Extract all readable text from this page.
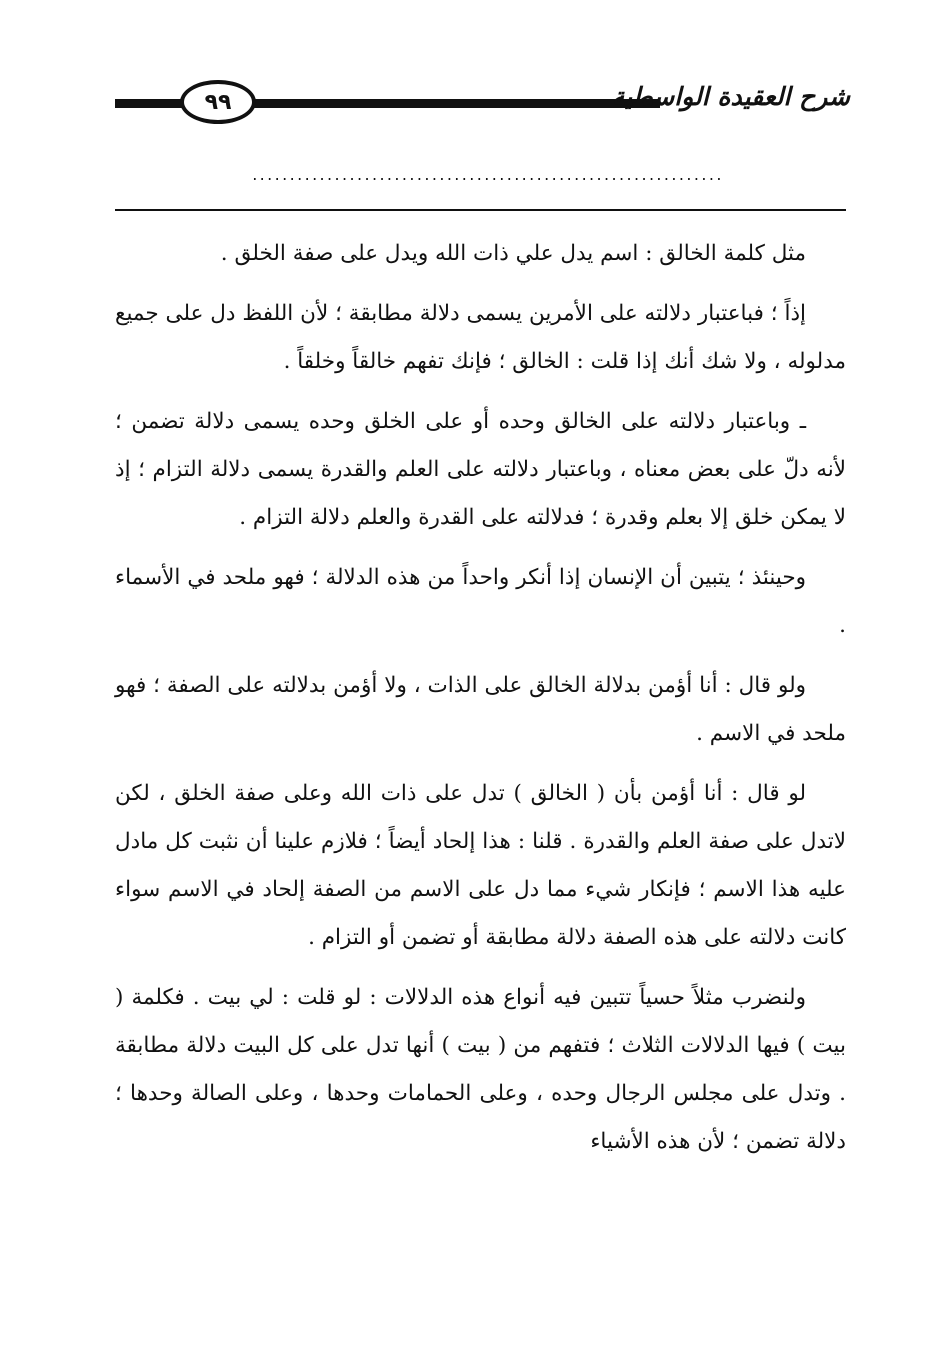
٩٩	شرح العقيدة الواسطية
...............................................................

مثل كلمة الخالق : اسم يدل علي ذات الله ويدل على صفة الخلق .

إذاً ؛ فباعتبار دلالته على الأمرين يسمى دلالة مطابقة ؛ لأن اللفظ دل على جميع مدلوله ، ولا شك أنك إذا قلت : الخالق ؛ فإنك تفهم خالقاً وخلقاً .

ـ وباعتبار دلالته على الخالق وحده أو على الخلق وحده يسمى دلالة تضمن ؛ لأنه دلّ على بعض معناه ، وباعتبار دلالته على العلم والقدرة يسمى دلالة التزام ؛ إذ لا يمكن خلق إلا بعلم وقدرة ؛ فدلالته على القدرة والعلم دلالة التزام .

وحينئذ ؛ يتبين أن الإنسان إذا أنكر واحداً من هذه الدلالة ؛ فهو ملحد في الأسماء .

ولو قال : أنا أؤمن بدلالة الخالق على الذات ، ولا أؤمن بدلالته على الصفة ؛ فهو ملحد في الاسم .

لو قال : أنا أؤمن بأن ( الخالق ) تدل على ذات الله وعلى صفة الخلق ، لكن لاتدل على صفة العلم والقدرة . قلنا : هذا إلحاد أيضاً ؛ فلازم علينا أن نثبت كل مادل عليه هذا الاسم ؛ فإنكار شيء مما دل على الاسم من الصفة إلحاد في الاسم سواء كانت دلالته على هذه الصفة دلالة مطابقة أو تضمن أو التزام .

ولنضرب مثلاً حسياً تتبين فيه أنواع هذه الدلالات : لو قلت : لي بيت . فكلمة ( بيت ) فيها الدلالات الثلاث ؛ فتفهم من ( بيت ) أنها تدل على كل البيت دلالة مطابقة . وتدل على مجلس الرجال وحده ، وعلى الحمامات وحدها ، وعلى الصالة وحدها ؛ دلالة تضمن ؛ لأن هذه الأشياء
